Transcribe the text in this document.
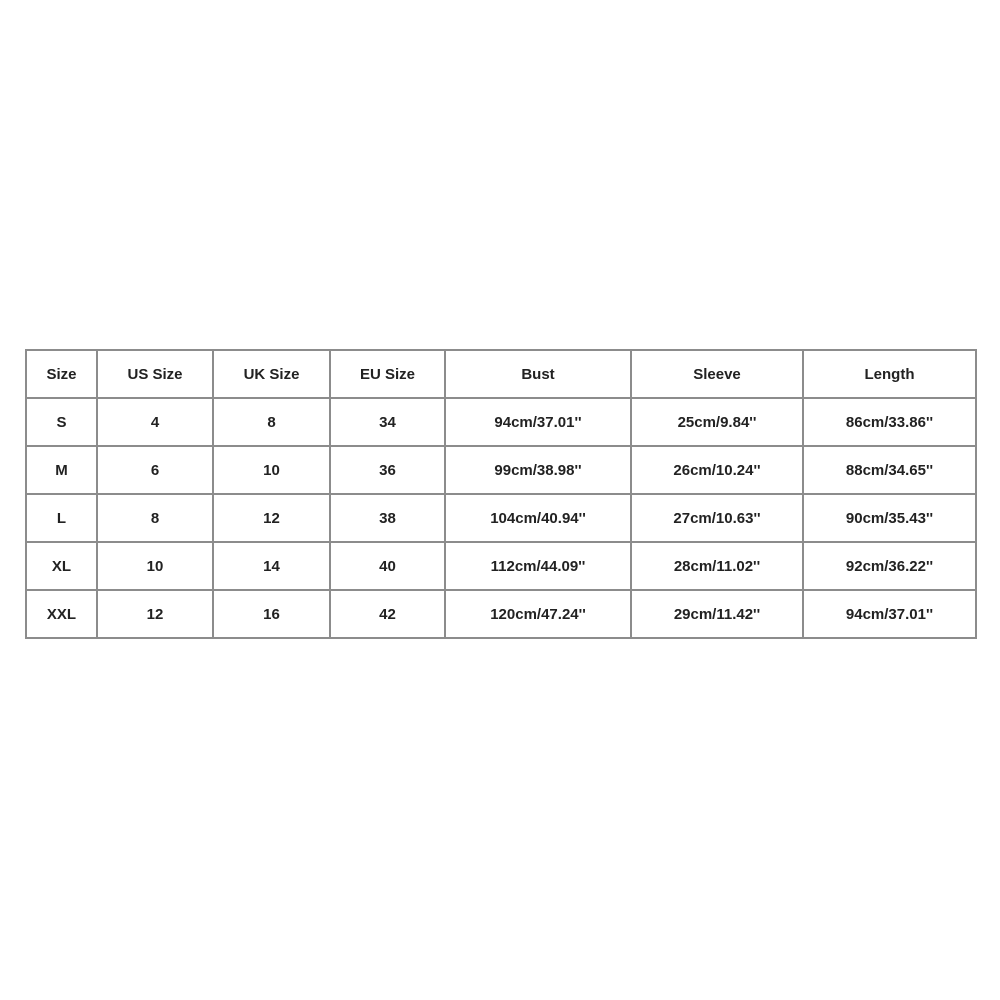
Size	US Size	UK Size	EU Size	Bust	Sleeve	Length
S	4	8	34	94cm/37.01''	25cm/9.84''	86cm/33.86''
M	6	10	36	99cm/38.98''	26cm/10.24''	88cm/34.65''
L	8	12	38	104cm/40.94''	27cm/10.63''	90cm/35.43''
XL	10	14	40	112cm/44.09''	28cm/11.02''	92cm/36.22''
XXL	12	16	42	120cm/47.24''	29cm/11.42''	94cm/37.01''
